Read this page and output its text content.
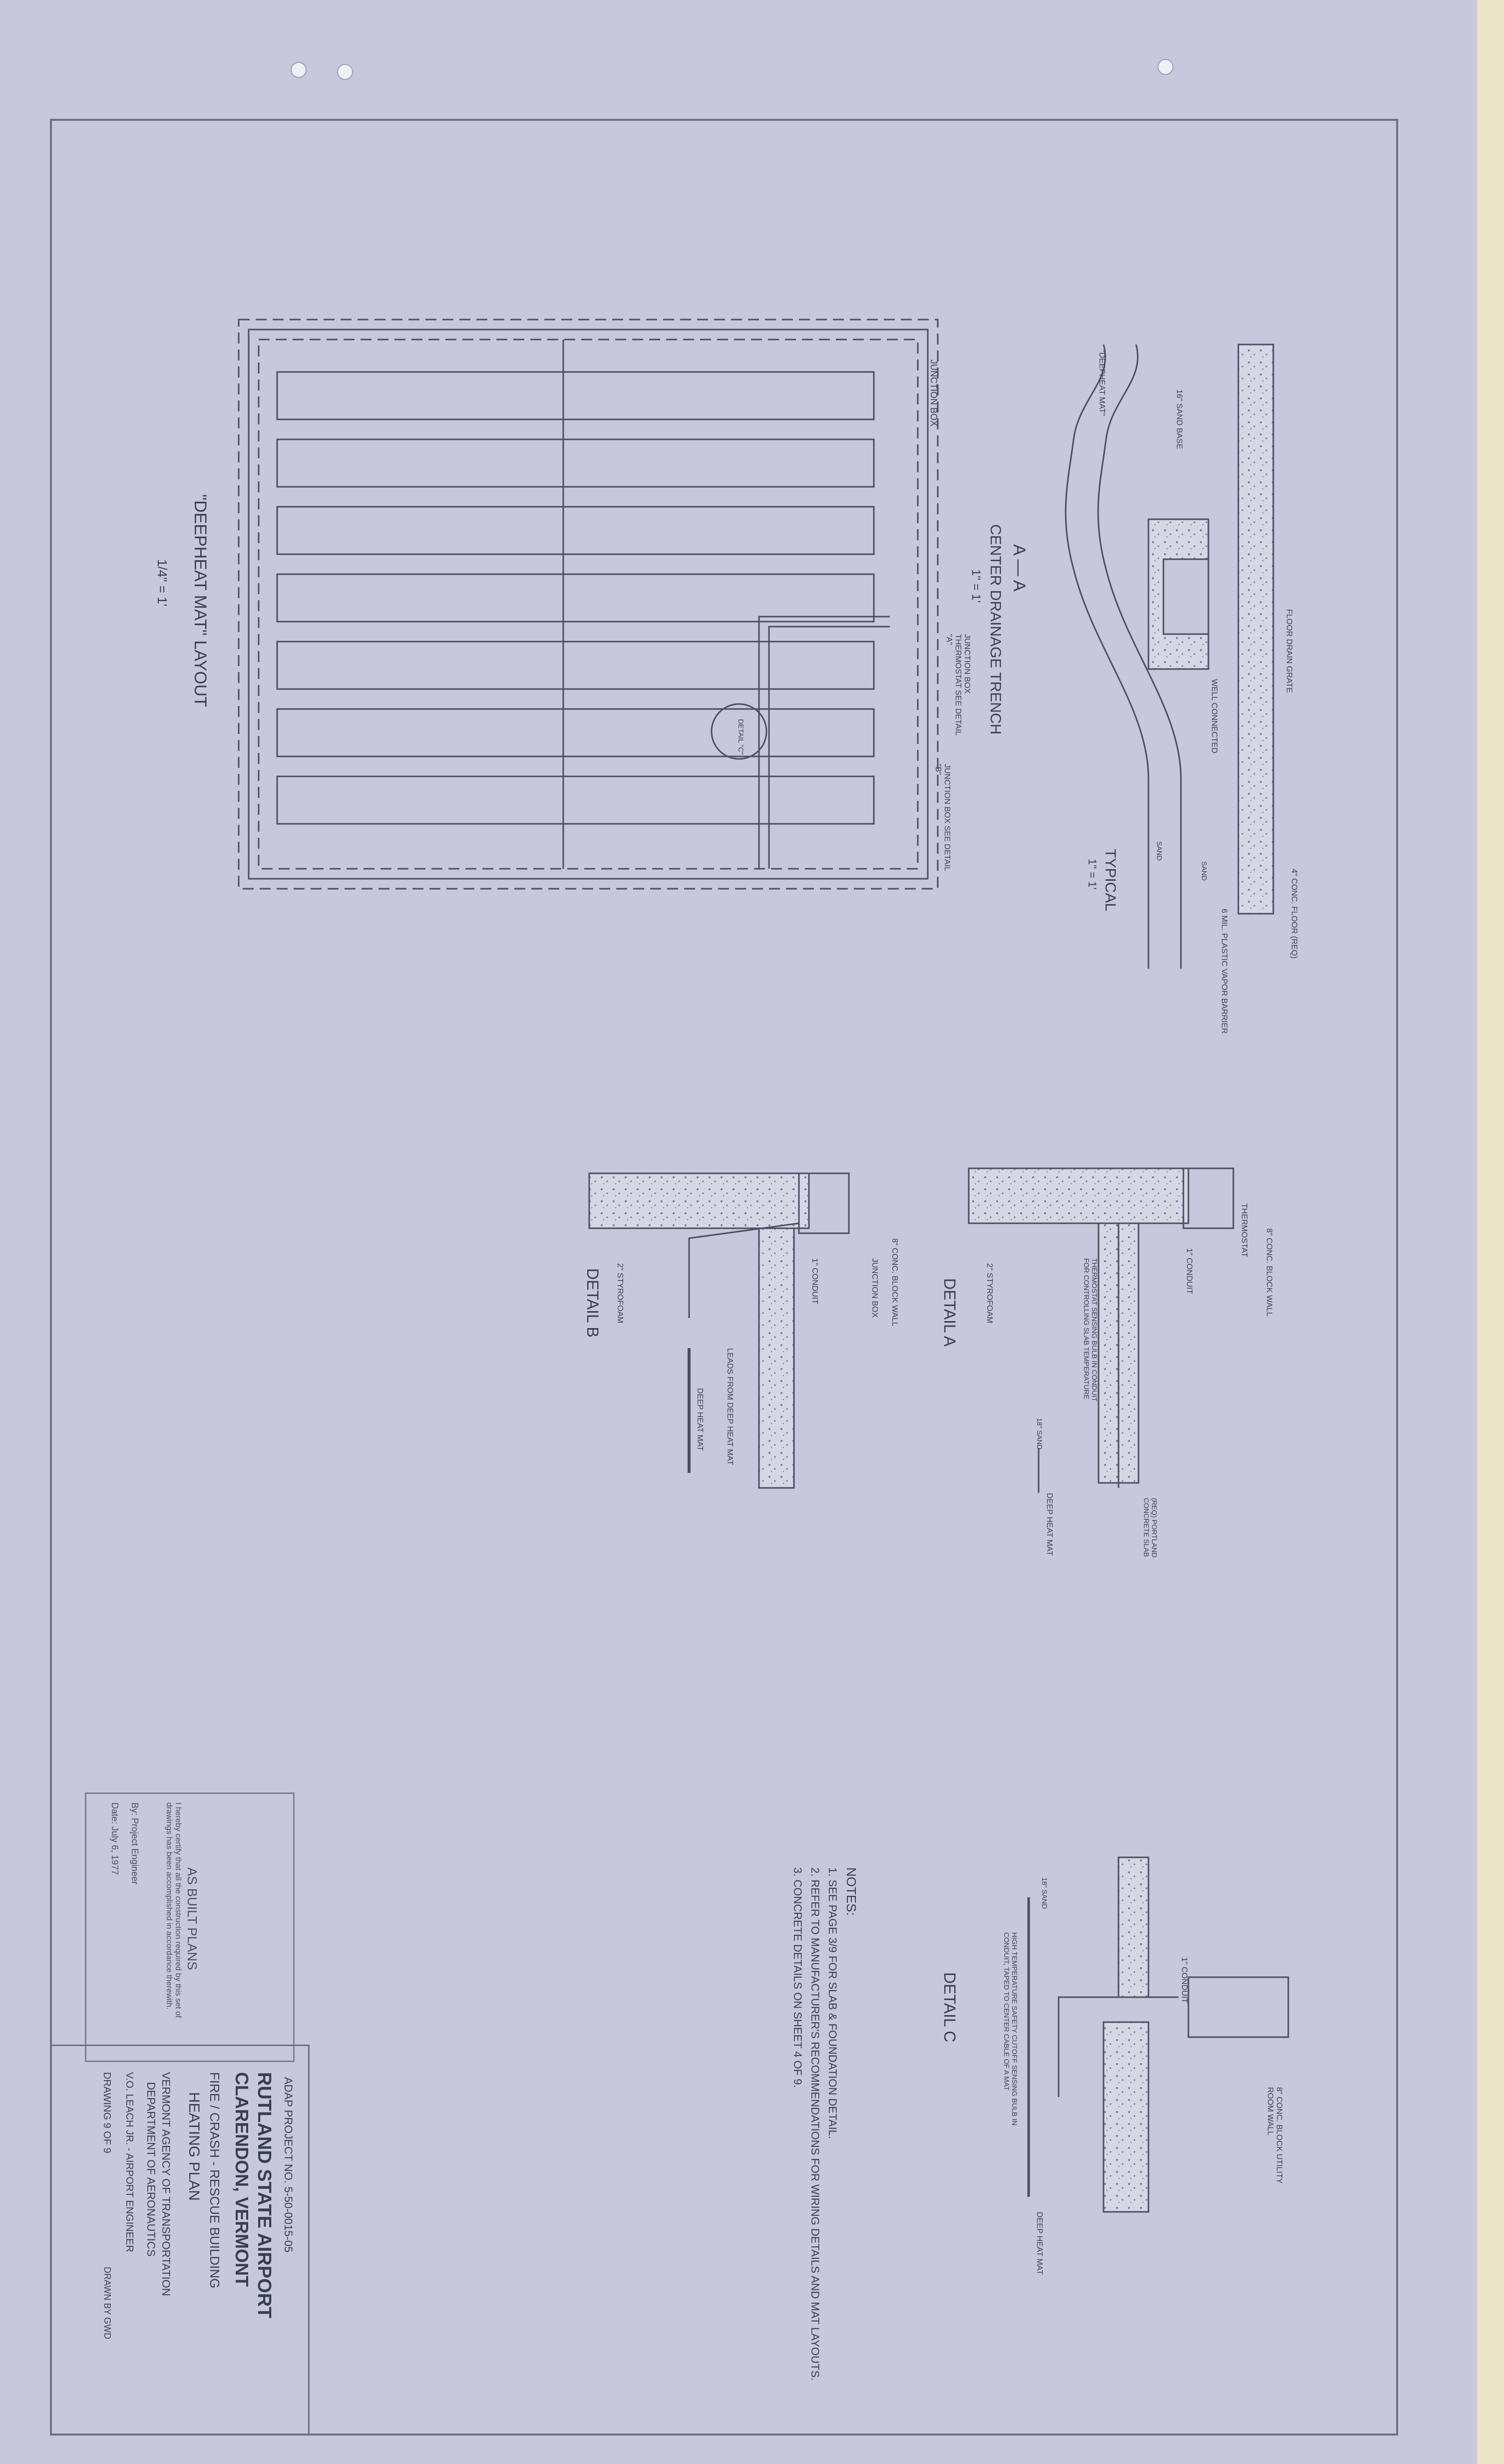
"DEEPHEAT MAT" LAYOUT
1/4" = 1'
JUNCTION BOX
JUNCTION BOX THERMOSTAT SEE DETAIL "A"
JUNCTION BOX SEE DETAIL "B"
DETAIL "C"
A — A
CENTER DRAINAGE TRENCH
1" = 1'
TYPICAL
1" = 1'
FLOOR DRAIN GRATE
WELL CONNECTED
4" CONC. FLOOR (REQ)
6 MIL. PLASTIC VAPOR BARRIER
16" SAND BASE
"DEEPHEAT MAT"
SAND
SAND
DETAIL A	8" CONC. BLOCK WALL
THERMOSTAT
1" CONDUIT
THERMOSTAT SENSING BULB IN CONDUIT FOR CONTROLLING SLAB TEMPERATURE
2" STYROFOAM
18" SAND
DEEP HEAT MAT	(REQ) PORTLAND CONCRETE SLAB
DETAIL B	8" CONC. BLOCK WALL
JUNCTION BOX
1" CONDUIT
LEADS FROM DEEP HEAT MAT
DEEP HEAT MAT
2" STYROFOAM
DETAIL C
8" CONC. BLOCK UTILITY ROOM WALL
1" CONDUIT
HIGH TEMPERATURE SAFETY CUTOFF SENSING BULB IN CONDUIT, TAPED TO CENTER CABLE OF A MAT
18" SAND
DEEP HEAT MAT
NOTES:
1. SEE PAGE 3/9 FOR SLAB & FOUNDATION DETAIL.
2. REFER TO MANUFACTURER'S RECOMMENDATIONS FOR WIRING DETAILS AND MAT LAYOUTS.
3. CONCRETE DETAILS ON SHEET 4 OF 9.
AS BUILT PLANS
I hereby certify that all the construction required by this set of drawings has been accomplished in accordance therewith.
By: Project Engineer
Date: July 6, 1977
ADAP PROJECT NO. 5-50-0015-05
RUTLAND STATE AIRPORT
CLARENDON, VERMONT
FIRE / CRASH - RESCUE BUILDING
HEATING PLAN
VERMONT AGENCY OF TRANSPORTATION
DEPARTMENT OF AERONAUTICS
V.O. LEACH JR. - AIRPORT ENGINEER
DRAWING 9 OF 9
DRAWN BY GWD
